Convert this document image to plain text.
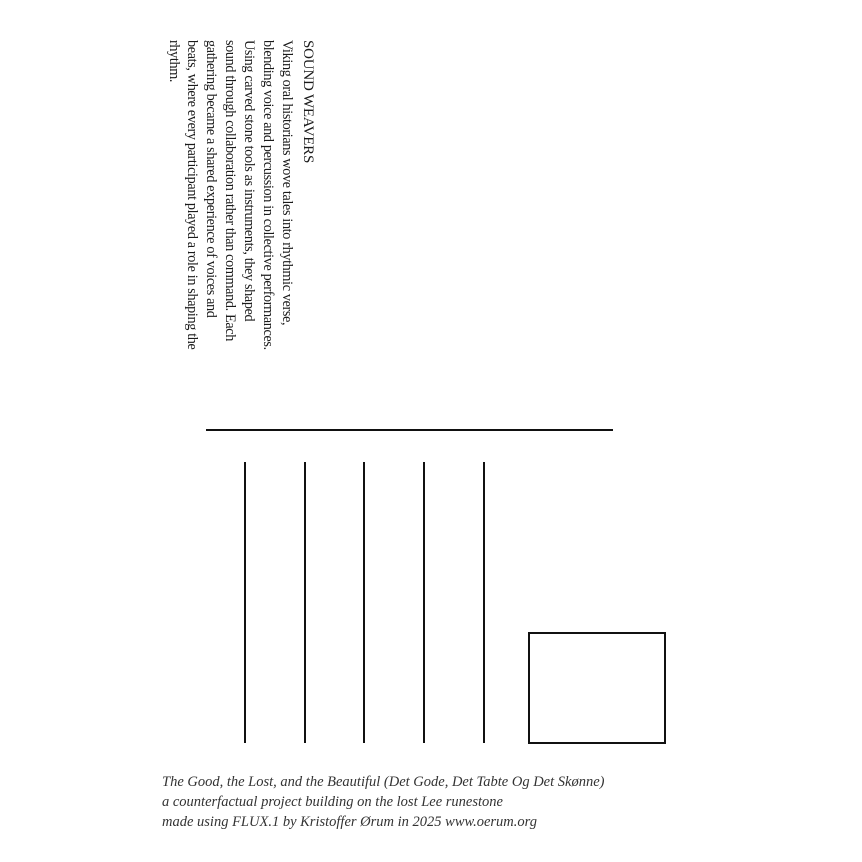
SOUND WEAVERS
Viking oral historians wove tales into rhythmic verse,
blending voice and percussion in collective performances.
Using carved stone tools as instruments, they shaped
sound through collaboration rather than command. Each
gathering became a shared experience of voices and
beats, where every participant played a role in shaping the
rhythm.
The Good, the Lost, and the Beautiful (Det Gode, Det Tabte Og Det Skønne)
a counterfactual project building on the lost Lee runestone
made using FLUX.1 by Kristoffer Ørum in 2025 www.oerum.org
